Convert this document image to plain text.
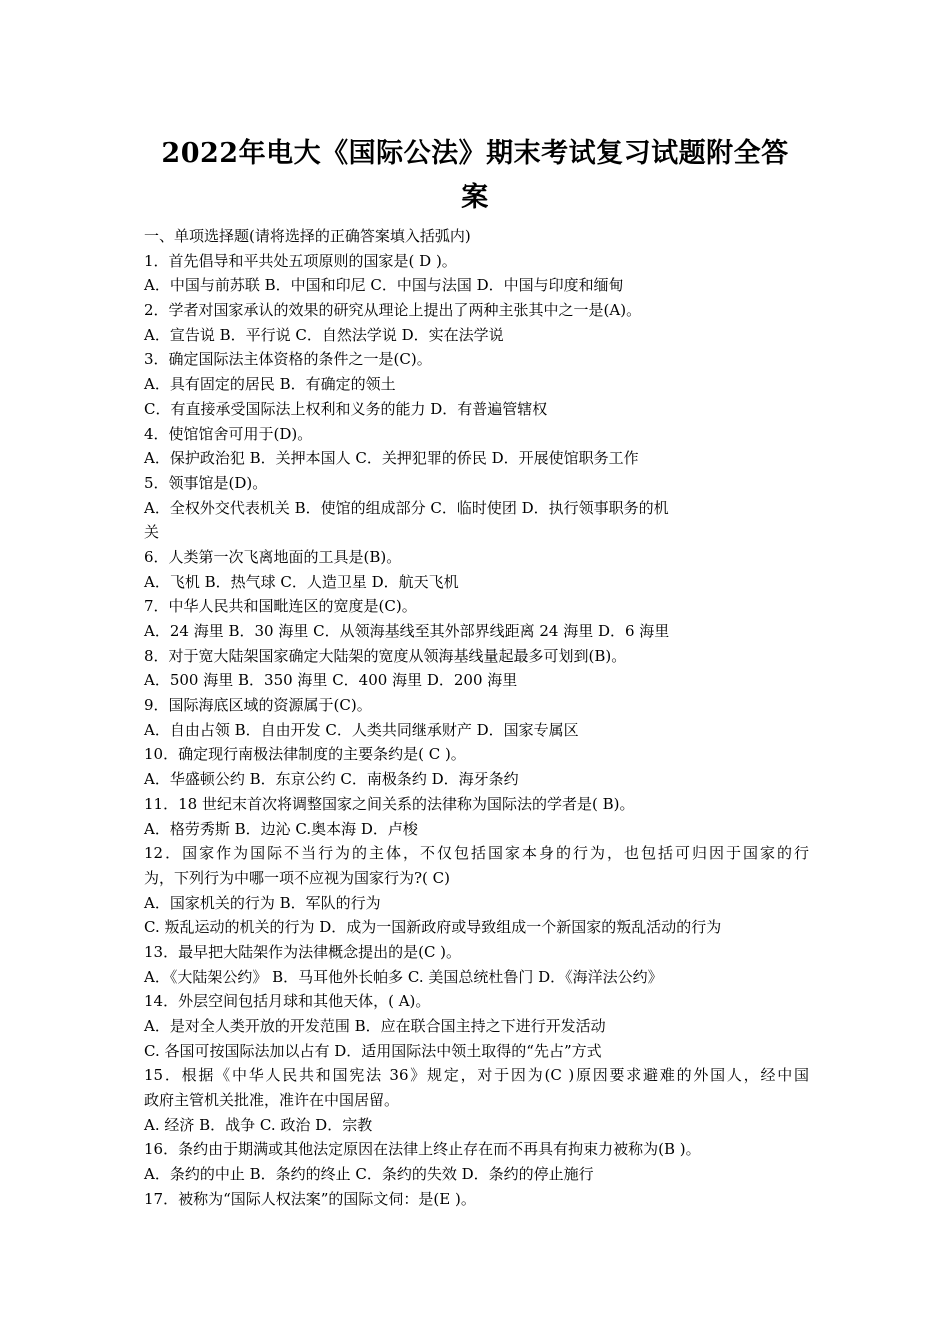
2022年电大《国际公法》期末考试复习试题附全答
案
一、单项选择题(请将选择的正确答案填入括弧内)
1．首先倡导和平共处五项原则的国家是( D )。
A．中国与前苏联 B．中国和印尼 C．中国与法国 D．中国与印度和缅甸
2．学者对国家承认的效果的研究从理论上提出了两种主张其中之一是(A)。
A．宣告说 B．平行说 C．自然法学说 D．实在法学说
3．确定国际法主体资格的条件之一是(C)。
A．具有固定的居民 B．有确定的领土
C．有直接承受国际法上权利和义务的能力 D．有普遍管辖权
4．使馆馆舍可用于(D)。
A．保护政治犯 B．关押本国人 C．关押犯罪的侨民 D．开展使馆职务工作
5．领事馆是(D)。
A．全权外交代表机关 B．使馆的组成部分 C．临时使团 D．执行领事职务的机
关
6．人类第一次飞离地面的工具是(B)。
A．飞机 B．热气球 C．人造卫星 D．航天飞机
7．中华人民共和国毗连区的宽度是(C)。
A．24 海里 B．30 海里 C．从领海基线至其外部界线距离 24 海里 D．6 海里
8．对于宽大陆架国家确定大陆架的宽度从领海基线量起最多可划到(B)。
A．500 海里 B．350 海里 C．400 海里 D．200 海里
9．国际海底区域的资源属于(C)。
A．自由占领 B．自由开发 C．人类共同继承财产 D．国家专属区
10．确定现行南极法律制度的主要条约是( C )。
A．华盛顿公约 B．东京公约 C．南极条约 D．海牙条约
11．18 世纪末首次将调整国家之间关系的法律称为国际法的学者是( B)。
A．格劳秀斯 B．边沁 C.奥本海 D．卢梭
12．国家作为国际不当行为的主体，不仅包括国家本身的行为，也包括可归因于国家的行
为，下列行为中哪一项不应视为国家行为?( C)
A．国家机关的行为 B．军队的行为
C. 叛乱运动的机关的行为 D．成为一国新政府或导致组成一个新国家的叛乱活动的行为
13．最早把大陆架作为法律概念提出的是(C )。
A．《大陆架公约》 B．马耳他外长帕多 C. 美国总统杜鲁门 D．《海洋法公约》
14．外层空间包括月球和其他天体，( A)。
A．是对全人类开放的开发范围 B．应在联合国主持之下进行开发活动
C. 各国可按国际法加以占有 D．适用国际法中领土取得的“先占”方式
15．根据《中华人民共和国宪法 36》规定，对于因为(C )原因要求避难的外国人，经中国
政府主管机关批准，准许在中国居留。
A. 经济 B．战争 C. 政治 D．宗教
16．条约由于期满或其他法定原因在法律上终止存在而不再具有拘束力被称为(B )。
A．条约的中止 B．条约的终止 C．条约的失效 D．条约的停止施行
17．被称为“国际人权法案”的国际文伺：是(E )。
